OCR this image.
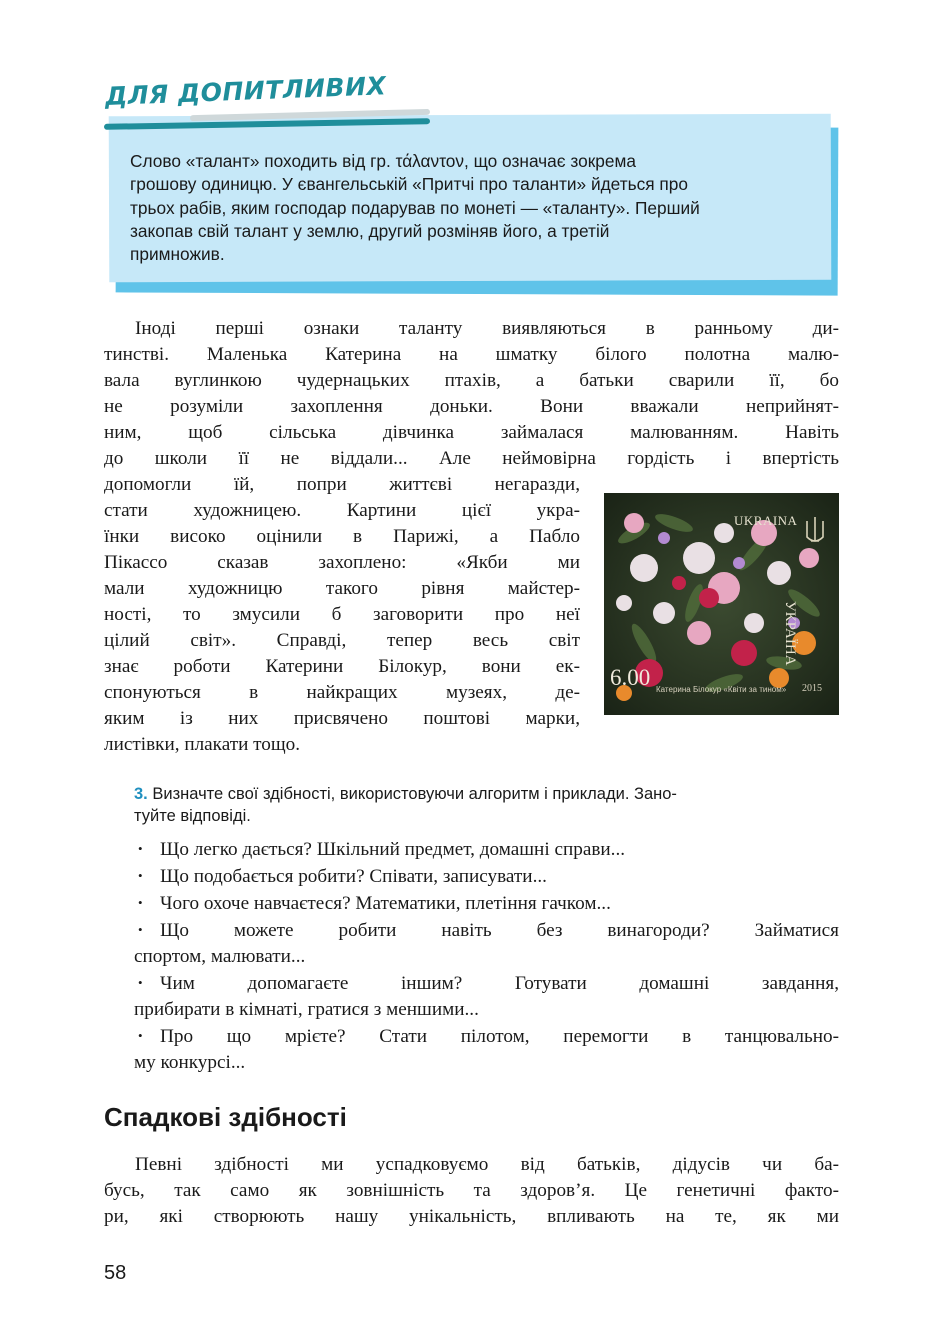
ДЛЯ ДОПИТЛИВИХ
Слово «талант» походить від гр. τάλαντον, що означає зокрема
грошову одиницю. У євангельській «Притчі про таланти» йдеться про
трьох рабів, яким господар подарував по монеті — «таланту». Перший
закопав свій талант у землю, другий розміняв його, а третій
примножив.
Іноді перші ознаки таланту виявляються в ранньому ди-
тинстві. Маленька Катерина на шматку білого полотна малю-
вала вуглинкою чудернацьких птахів, а батьки сварили її, бо
не розуміли захоплення доньки. Вони вважали неприйнят-
ним, щоб сільська дівчинка займалася малюванням. Навіть
до школи її не віддали... Але неймовірна гордість і впертість
допомогли їй, попри життєві негаразди,
стати художницею. Картини цієї укра-
їнки високо оцінили в Парижі, а Пабло
Пікассо сказав захоплено: «Якби ми
мали художницю такого рівня майстер-
ності, то змусили б заговорити про неї
цілий світ». Справді, тепер весь світ
знає роботи Катерини Білокур, вони ек-
спонуються в найкращих музеях, де-
яким із них присвячено поштові марки,
листівки, плакати тощо.
UKRAINA
УКРАЇНА
6.00 Катерина Білокур «Квіти за тином» 2015
3. Визначте свої здібності, використовуючи алгоритм і приклади. Зано-
туйте відповіді.
• Що легко дається? Шкільний предмет, домашні справи...
• Що подобається робити? Співати, записувати...
• Чого охоче навчаєтеся? Математики, плетіння гачком...
• Що можете робити навіть без винагороди? Займатися
спортом, малювати...
• Чим допомагаєте іншим? Готувати домашні завдання,
прибирати в кімнаті, гратися з меншими...
• Про що мрієте? Стати пілотом, перемогти в танцювально-
му конкурсі...
Спадкові здібності
Певні здібності ми успадковуємо від батьків, дідусів чи ба-
бусь, так само як зовнішність та здоров’я. Це генетичні факто-
ри, які створюють нашу унікальність, впливають на те, як ми
58
